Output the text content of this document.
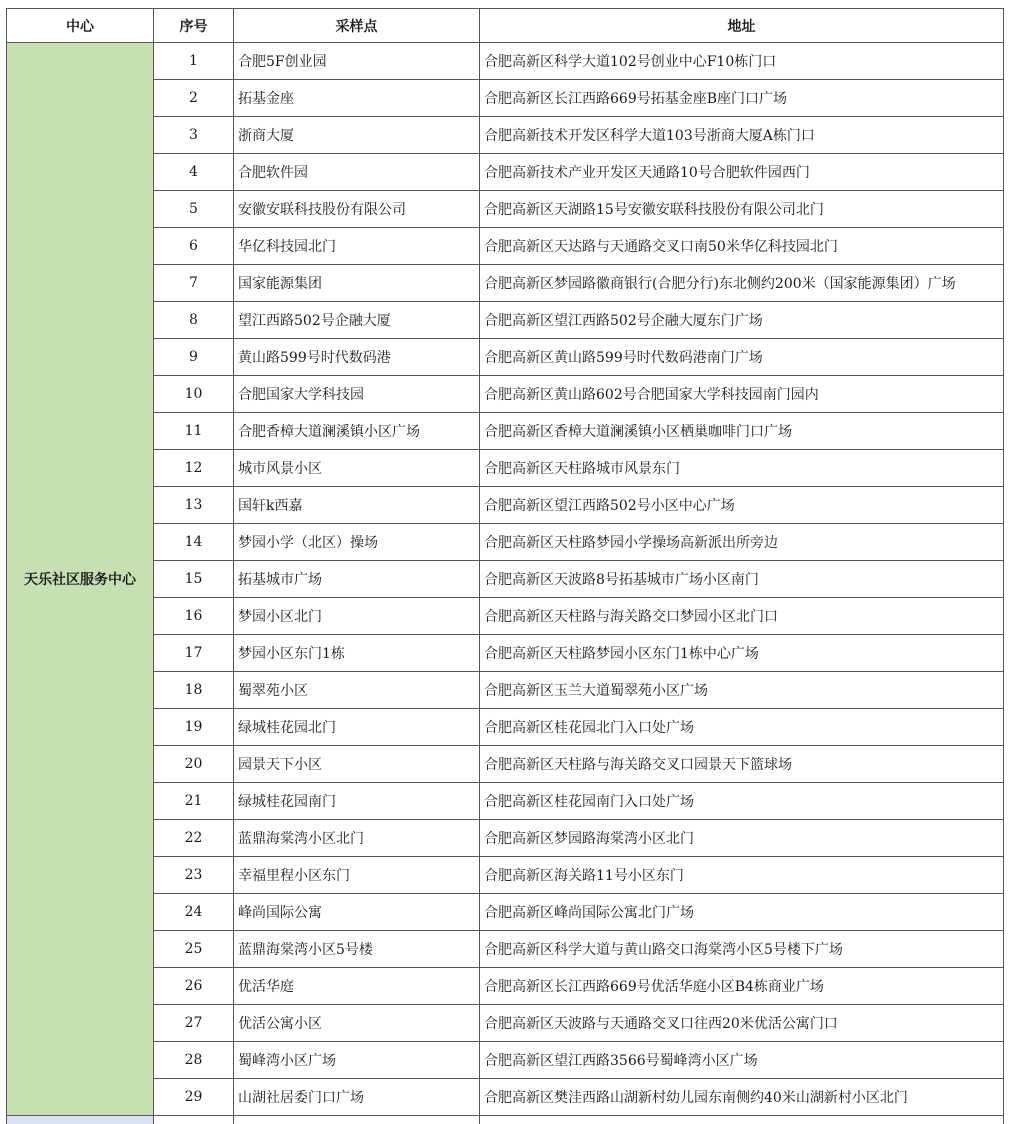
中心	序号	采样点	地址
天乐社区服务中心	1	合肥5F创业园	合肥高新区科学大道102号创业中心F10栋门口
	2	拓基金座	合肥高新区长江西路669号拓基金座B座门口广场
	3	浙商大厦	合肥高新技术开发区科学大道103号浙商大厦A栋门口
	4	合肥软件园	合肥高新技术产业开发区天通路10号合肥软件园西门
	5	安徽安联科技股份有限公司	合肥高新区天湖路15号安徽安联科技股份有限公司北门
	6	华亿科技园北门	合肥高新区天达路与天通路交叉口南50米华亿科技园北门
	7	国家能源集团	合肥高新区梦园路徽商银行(合肥分行)东北侧约200米（国家能源集团）广场
	8	望江西路502号企融大厦	合肥高新区望江西路502号企融大厦东门广场
	9	黄山路599号时代数码港	合肥高新区黄山路599号时代数码港南门广场
	10	合肥国家大学科技园	合肥高新区黄山路602号合肥国家大学科技园南门园内
	11	合肥香樟大道澜溪镇小区广场	合肥高新区香樟大道澜溪镇小区栖巢咖啡门口广场
	12	城市风景小区	合肥高新区天柱路城市风景东门
	13	国轩k西嘉	合肥高新区望江西路502号小区中心广场
	14	梦园小学（北区）操场	合肥高新区天柱路梦园小学操场高新派出所旁边
	15	拓基城市广场	合肥高新区天波路8号拓基城市广场小区南门
	16	梦园小区北门	合肥高新区天柱路与海关路交口梦园小区北门口
	17	梦园小区东门1栋	合肥高新区天柱路梦园小区东门1栋中心广场
	18	蜀翠苑小区	合肥高新区玉兰大道蜀翠苑小区广场
	19	绿城桂花园北门	合肥高新区桂花园北门入口处广场
	20	园景天下小区	合肥高新区天柱路与海关路交叉口园景天下篮球场
	21	绿城桂花园南门	合肥高新区桂花园南门入口处广场
	22	蓝鼎海棠湾小区北门	合肥高新区梦园路海棠湾小区北门
	23	幸福里程小区东门	合肥高新区海关路11号小区东门
	24	峰尚国际公寓	合肥高新区峰尚国际公寓北门广场
	25	蓝鼎海棠湾小区5号楼	合肥高新区科学大道与黄山路交口海棠湾小区5号楼下广场
	26	优活华庭	合肥高新区长江西路669号优活华庭小区B4栋商业广场
	27	优活公寓小区	合肥高新区天波路与天通路交叉口往西20米优活公寓门口
	28	蜀峰湾小区广场	合肥高新区望江西路3566号蜀峰湾小区广场
	29	山湖社居委门口广场	合肥高新区樊洼西路山湖新村幼儿园东南侧约40米山湖新村小区北门
